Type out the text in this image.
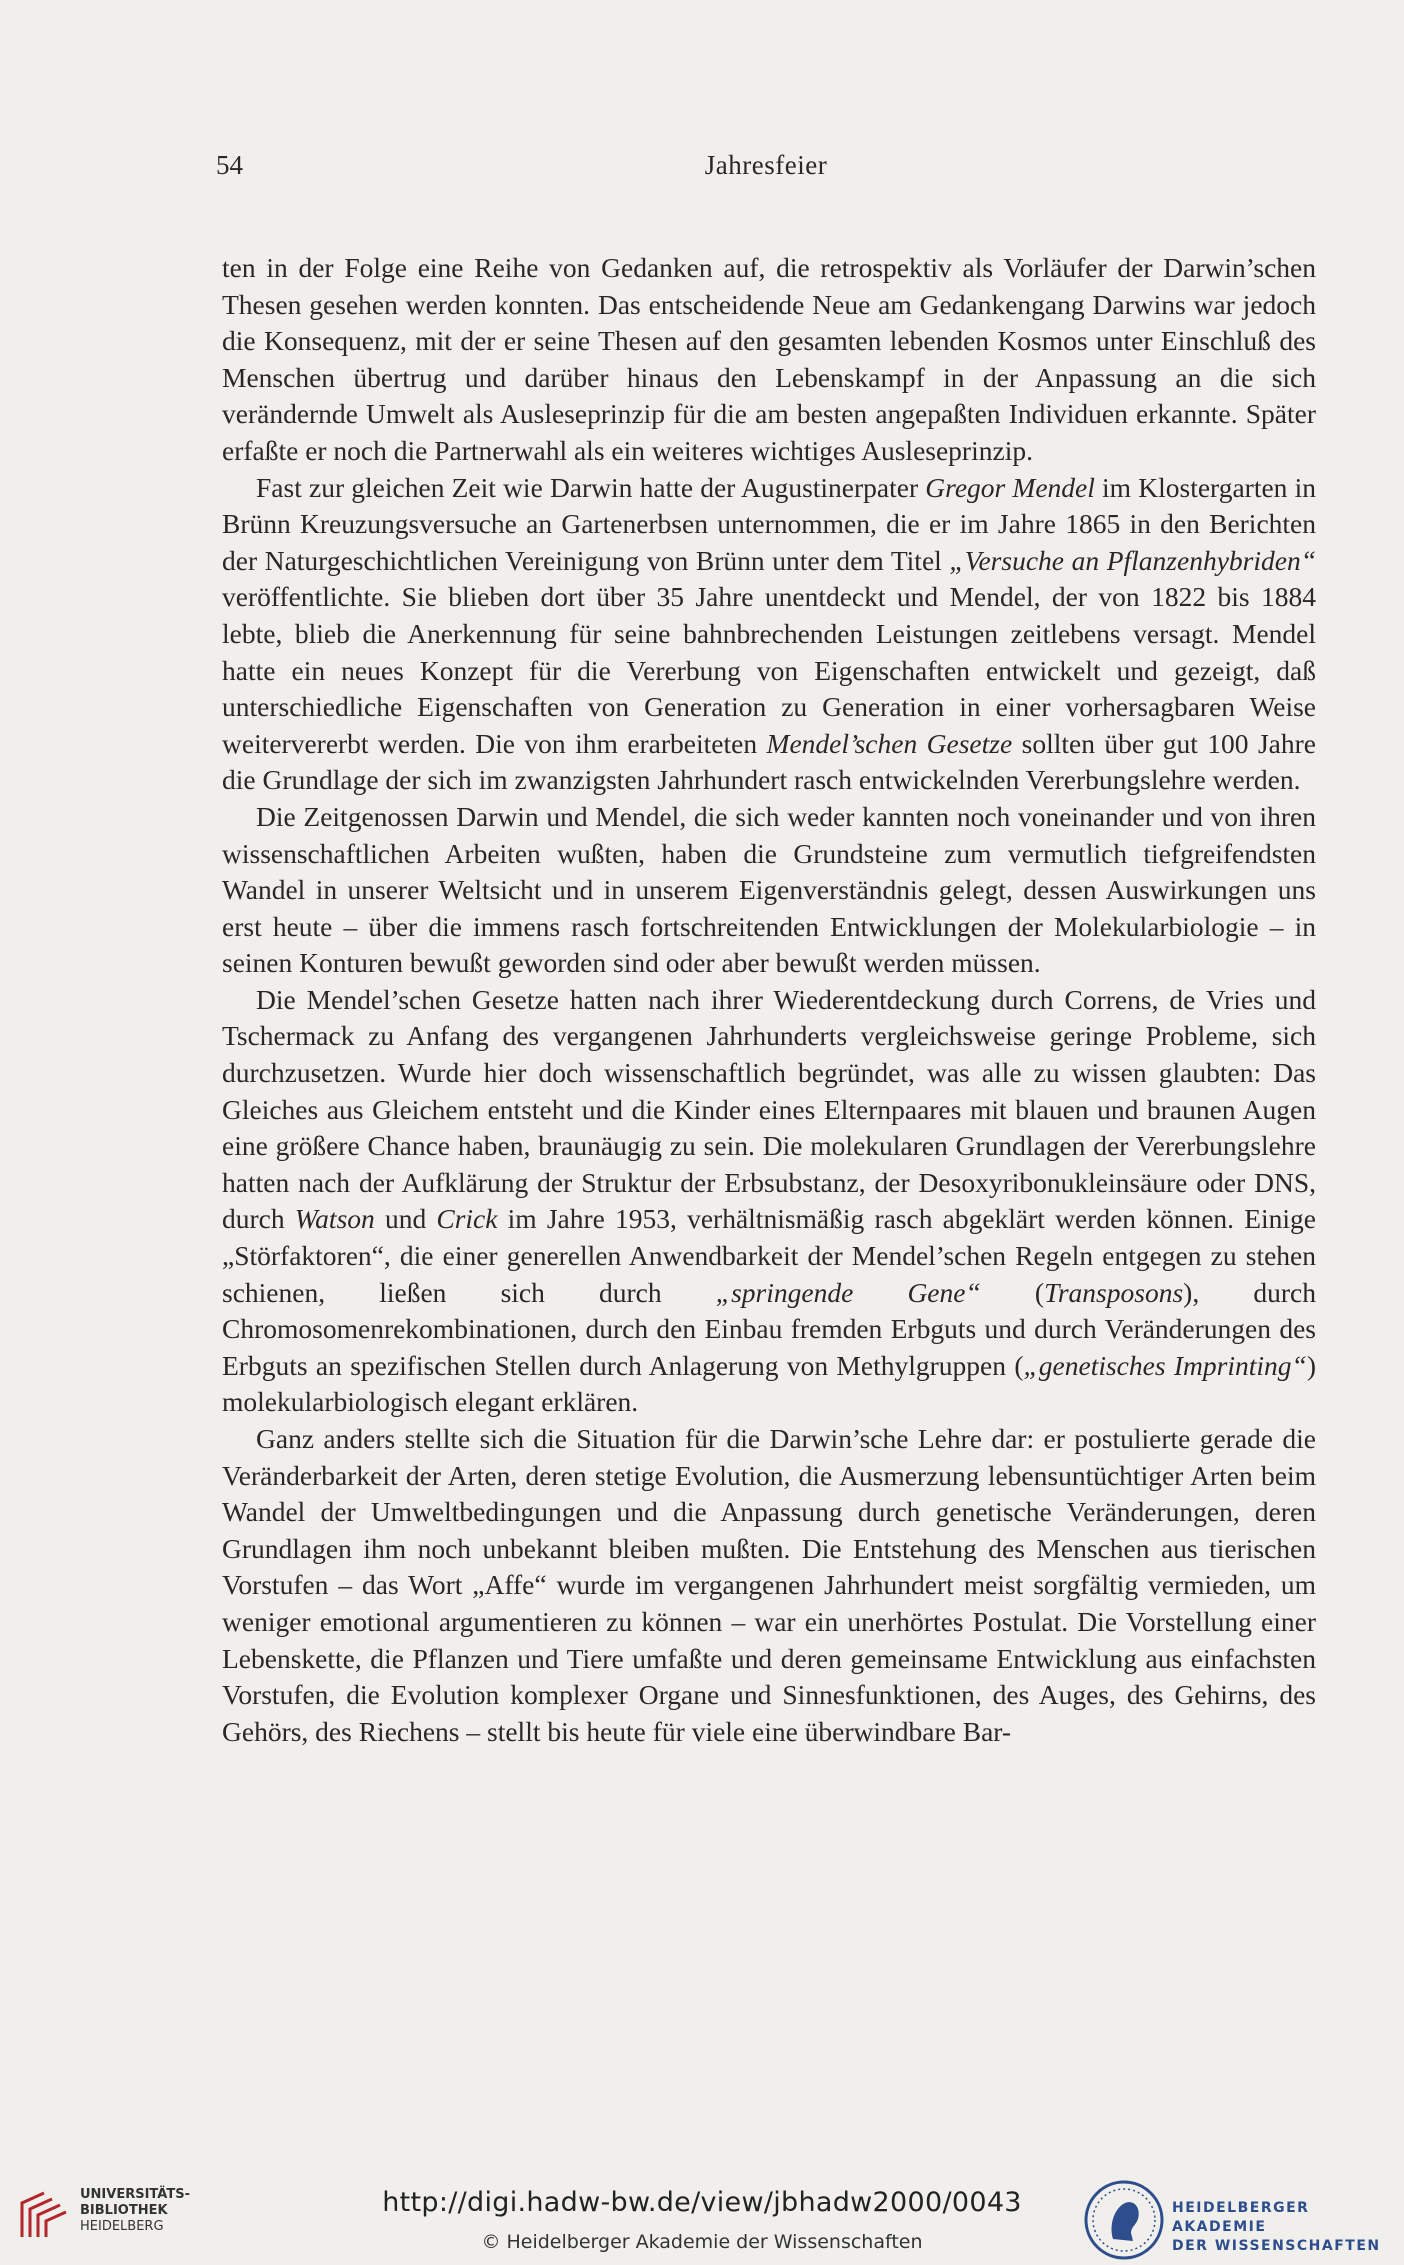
54	Jahresfeier

ten in der Folge eine Reihe von Gedanken auf, die retrospektiv als Vorläufer der Darwin’schen Thesen gesehen werden konnten. Das entscheidende Neue am Gedankengang Darwins war jedoch die Konsequenz, mit der er seine Thesen auf den gesamten lebenden Kosmos unter Einschluß des Menschen übertrug und darüber hinaus den Lebenskampf in der Anpassung an die sich verändernde Umwelt als Ausleseprinzip für die am besten angepaßten Individuen erkannte. Später erfaßte er noch die Partnerwahl als ein weiteres wichtiges Ausleseprinzip.

Fast zur gleichen Zeit wie Darwin hatte der Augustinerpater Gregor Mendel im Klostergarten in Brünn Kreuzungsversuche an Gartenerbsen unternommen, die er im Jahre 1865 in den Berichten der Naturgeschichtlichen Vereinigung von Brünn unter dem Titel „Versuche an Pflanzenhybriden“ veröffentlichte. Sie blieben dort über 35 Jahre unentdeckt und Mendel, der von 1822 bis 1884 lebte, blieb die Anerkennung für seine bahnbrechenden Leistungen zeitlebens versagt. Mendel hatte ein neues Konzept für die Vererbung von Eigenschaften entwickelt und gezeigt, daß unterschiedliche Eigenschaften von Generation zu Generation in einer vorhersagbaren Weise weitervererbt werden. Die von ihm erarbeiteten Mendel’schen Gesetze sollten über gut 100 Jahre die Grundlage der sich im zwanzigsten Jahrhundert rasch entwickelnden Vererbungslehre werden.

Die Zeitgenossen Darwin und Mendel, die sich weder kannten noch voneinander und von ihren wissenschaftlichen Arbeiten wußten, haben die Grundsteine zum vermutlich tiefgreifendsten Wandel in unserer Weltsicht und in unserem Eigenverständnis gelegt, dessen Auswirkungen uns erst heute – über die immens rasch fortschreitenden Entwicklungen der Molekularbiologie – in seinen Konturen bewußt geworden sind oder aber bewußt werden müssen.

Die Mendel’schen Gesetze hatten nach ihrer Wiederentdeckung durch Correns, de Vries und Tschermack zu Anfang des vergangenen Jahrhunderts vergleichsweise geringe Probleme, sich durchzusetzen. Wurde hier doch wissenschaftlich begründet, was alle zu wissen glaubten: Das Gleiches aus Gleichem entsteht und die Kinder eines Elternpaares mit blauen und braunen Augen eine größere Chance haben, braunäugig zu sein. Die molekularen Grundlagen der Vererbungslehre hatten nach der Aufklärung der Struktur der Erbsubstanz, der Desoxyribonukleinsäure oder DNS, durch Watson und Crick im Jahre 1953, verhältnismäßig rasch abgeklärt werden können. Einige „Störfaktoren“, die einer generellen Anwendbarkeit der Mendel’schen Regeln entgegen zu stehen schienen, ließen sich durch „springende Gene“ (Transposons), durch Chromosomenrekombinationen, durch den Einbau fremden Erbguts und durch Veränderungen des Erbguts an spezifischen Stellen durch Anlagerung von Methylgruppen („genetisches Imprinting“) molekularbiologisch elegant erklären.

Ganz anders stellte sich die Situation für die Darwin’sche Lehre dar: er postulierte gerade die Veränderbarkeit der Arten, deren stetige Evolution, die Ausmerzung lebensuntüchtiger Arten beim Wandel der Umweltbedingungen und die Anpassung durch genetische Veränderungen, deren Grundlagen ihm noch unbekannt bleiben mußten. Die Entstehung des Menschen aus tierischen Vorstufen – das Wort „Affe“ wurde im vergangenen Jahrhundert meist sorgfältig vermieden, um weniger emotional argumentieren zu können – war ein unerhörtes Postulat. Die Vorstellung einer Lebenskette, die Pflanzen und Tiere umfaßte und deren gemeinsame Entwicklung aus einfachsten Vorstufen, die Evolution komplexer Organe und Sinnesfunktionen, des Auges, des Gehirns, des Gehörs, des Riechens – stellt bis heute für viele eine überwindbare Bar-

UNIVERSITÄTS-
BIBLIOTHEK
HEIDELBERG
http://digi.hadw-bw.de/view/jbhadw2000/0043
© Heidelberger Akademie der Wissenschaften
HEIDELBERGER AKADEMIE
DER WISSENSCHAFTEN
